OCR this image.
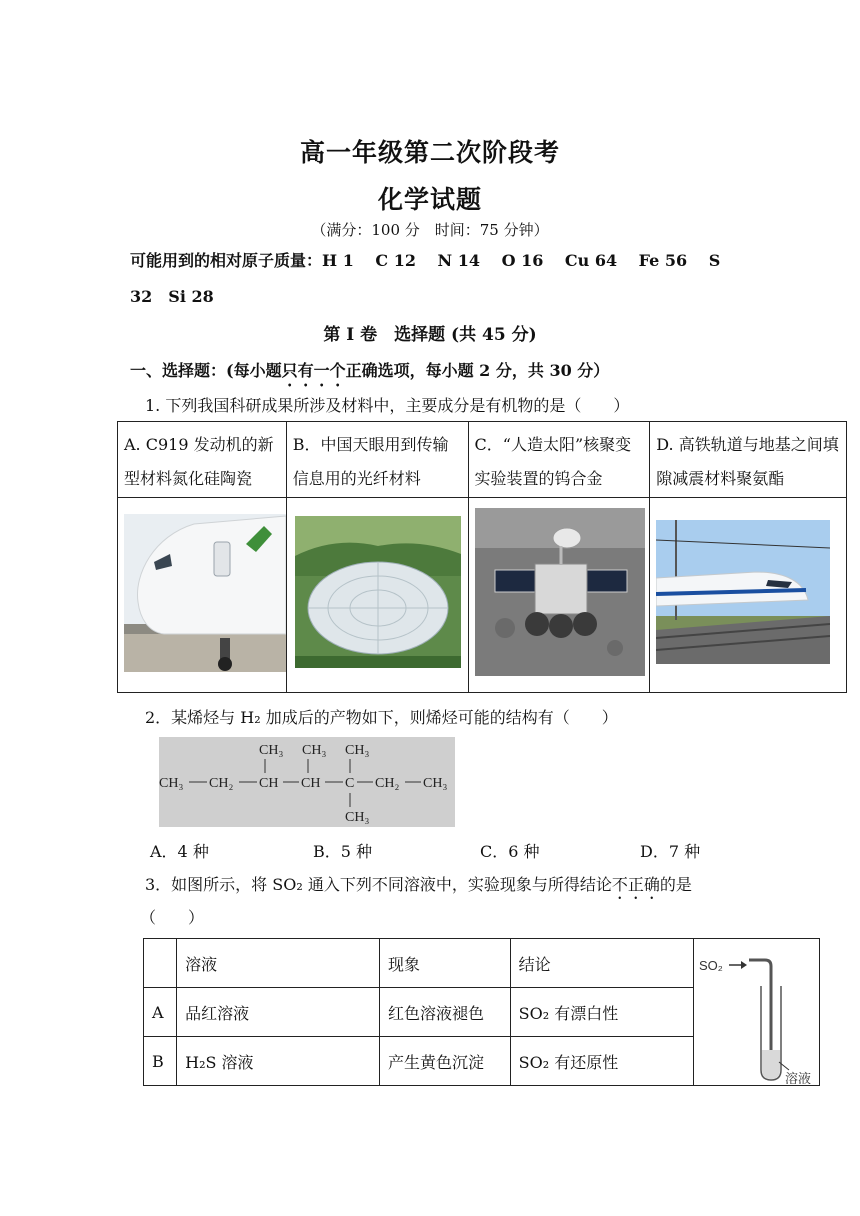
高一年级第二次阶段考
化学试题
（满分：100 分　时间：75 分钟）
可能用到的相对原子质量：H 1　 C 12　 N 14　 O 16　 Cu 64　 Fe 56　 S
32　Si 28
第 I 卷　选择题 (共 45 分)
一、选择题：(每小题只有一个正确选项，每小题 2 分，共 30 分）
1. 下列我国科研成果所涉及材料中，主要成分是有机物的是（　　）
A. C919 发动机的新型材料氮化硅陶瓷	B．中国天眼用到传输信息用的光纤材料	C．“人造太阳”核聚变实验装置的钨合金	D. 高铁轨道与地基之间填隙减震材料聚氨酯

2．某烯烃与 H₂ 加成后的产物如下，则烯烃可能的结构有（　　）
CH₃ CH₃ CH₃
CH₃ CH₂ CH CH C CH₂ CH₃
CH₃
A．4 种	B．5 种	C．6 种	D．7 种
3．如图所示，将 SO₂ 通入下列不同溶液中，实验现象与所得结论不正确的是
（　　）
	溶液	现象	结论	SO₂
溶液

A	品红溶液	红色溶液褪色	SO₂ 有漂白性	
B	H₂S 溶液	产生黄色沉淀	SO₂ 有还原性	
